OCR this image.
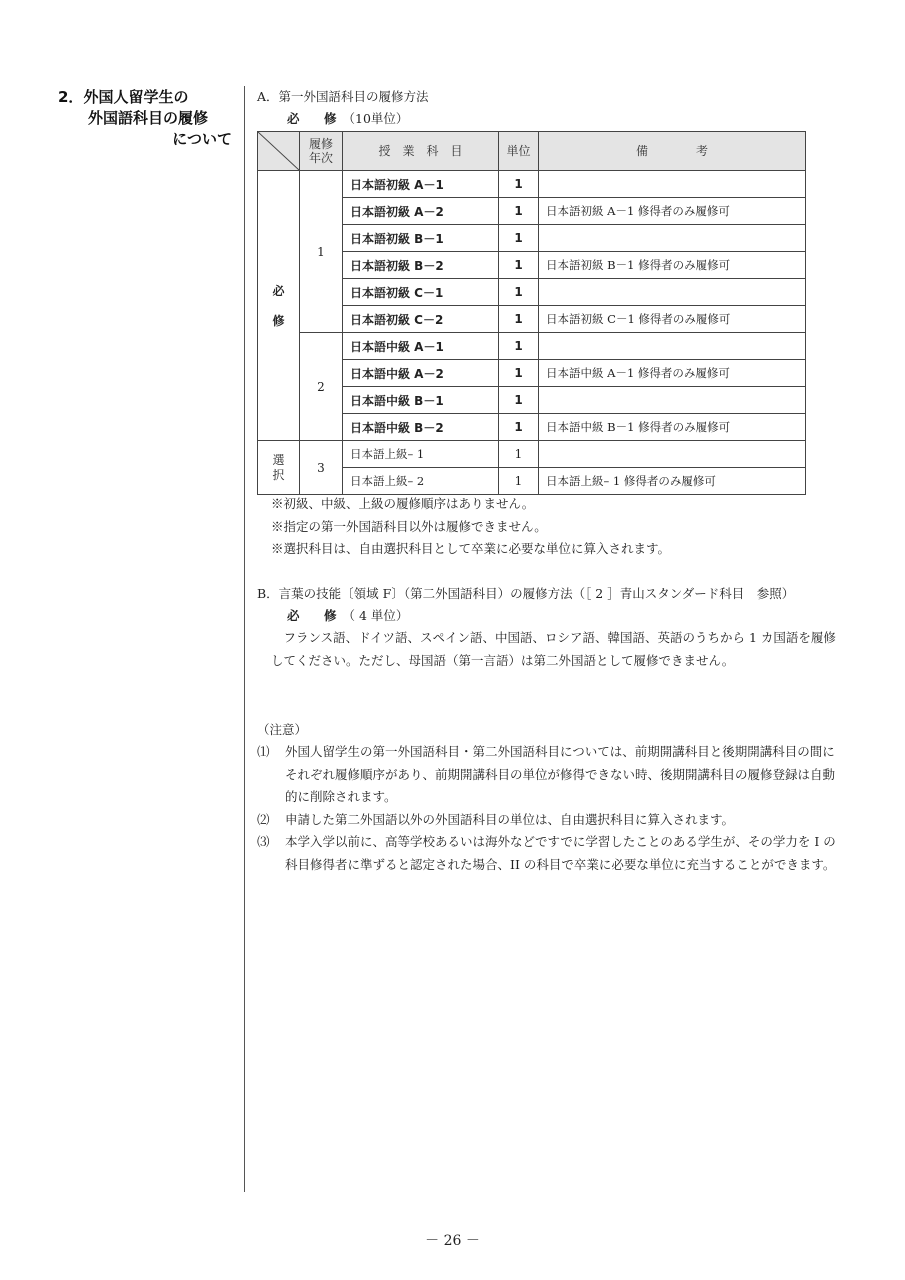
2．外国人留学生の
外国語科目の履修
について
A．第一外国語科目の履修方法
必　修（10単位）
	履修年次	授　業　科　目	単位	備　　　　考
必
修	1	日本語初級 A－1	1	
		日本語初級 A－2	1	日本語初級 A－1 修得者のみ履修可
		日本語初級 B－1	1	
		日本語初級 B－2	1	日本語初級 B－1 修得者のみ履修可
		日本語初級 C－1	1	
		日本語初級 C－2	1	日本語初級 C－1 修得者のみ履修可
	2	日本語中級 A－1	1	
		日本語中級 A－2	1	日本語中級 A－1 修得者のみ履修可
		日本語中級 B－1	1	
		日本語中級 B－2	1	日本語中級 B－1 修得者のみ履修可
選
択	3	日本語上級– 1	1	
		日本語上級– 2	1	日本語上級– 1 修得者のみ履修可
※初級、中級、上級の履修順序はありません。
※指定の第一外国語科目以外は履修できません。
※選択科目は、自由選択科目として卒業に必要な単位に算入されます。
B．言葉の技能〔領域 F〕（第二外国語科目）の履修方法（［ 2 ］青山スタンダード科目　参照）
必　修（ 4 単位）
フランス語、ドイツ語、スペイン語、中国語、ロシア語、韓国語、英語のうちから 1 カ国語を履修してください。ただし、母国語（第一言語）は第二外国語として履修できません。
（注意）
⑴	外国人留学生の第一外国語科目・第二外国語科目については、前期開講科目と後期開講科目の間にそれぞれ履修順序があり、前期開講科目の単位が修得できない時、後期開講科目の履修登録は自動的に削除されます。
⑵	申請した第二外国語以外の外国語科目の単位は、自由選択科目に算入されます。
⑶	本学入学以前に、高等学校あるいは海外などですでに学習したことのある学生が、その学力を I の科目修得者に準ずると認定された場合、II の科目で卒業に必要な単位に充当することができます。
－ 26 －
